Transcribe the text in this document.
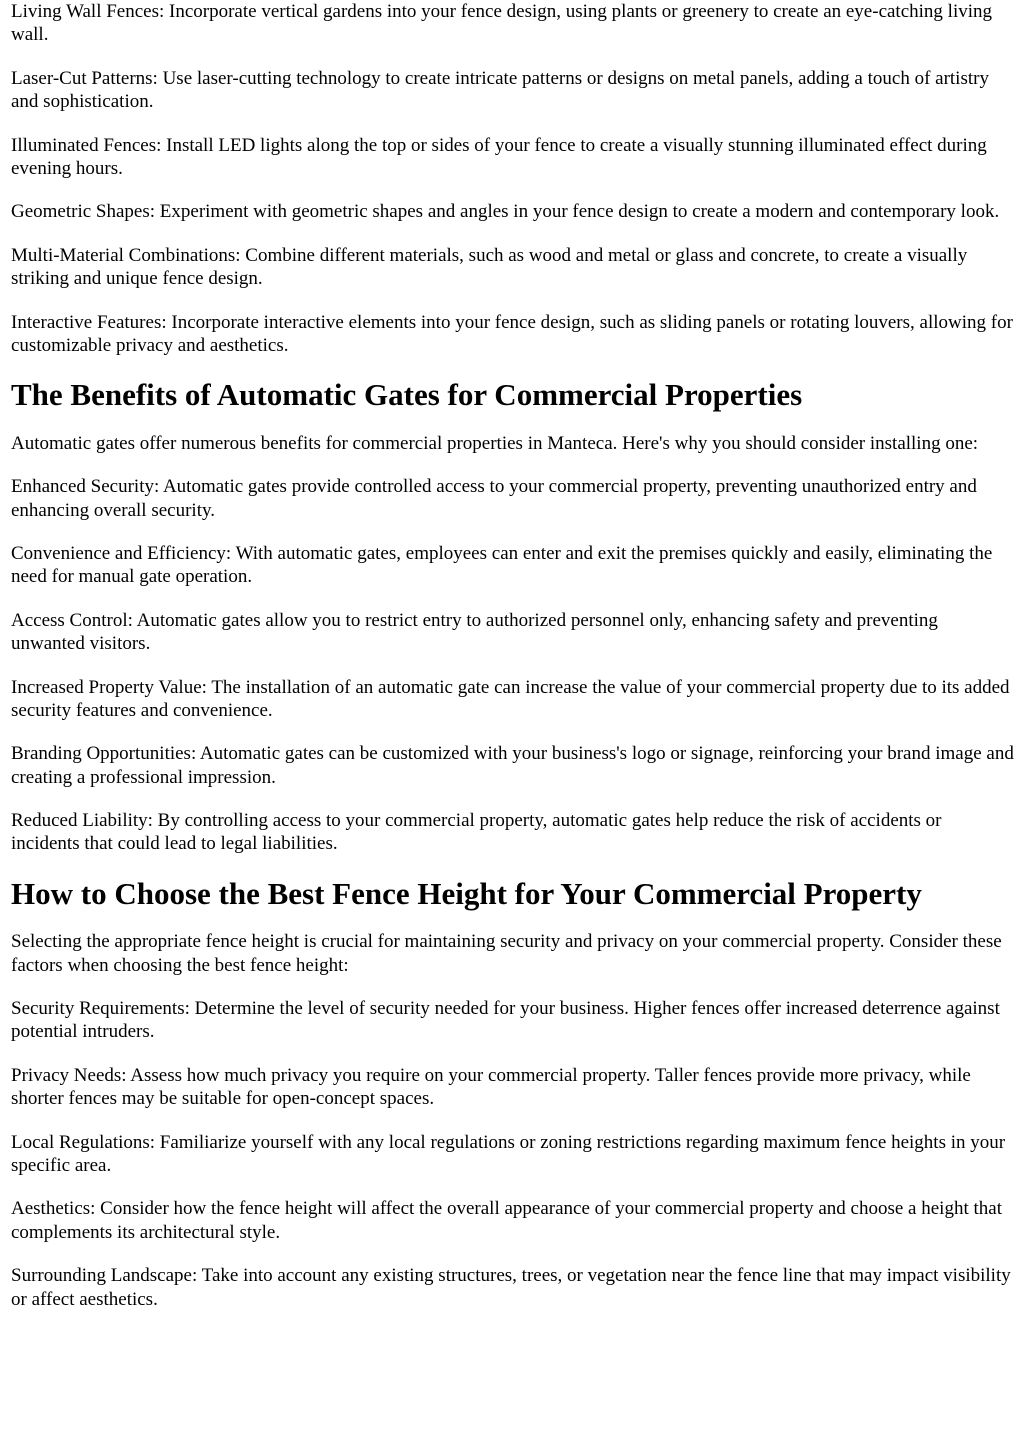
Living Wall Fences: Incorporate vertical gardens into your fence design, using plants or greenery to create an eye-catching living wall.

Laser-Cut Patterns: Use laser-cutting technology to create intricate patterns or designs on metal panels, adding a touch of artistry and sophistication.

Illuminated Fences: Install LED lights along the top or sides of your fence to create a visually stunning illuminated effect during evening hours.

Geometric Shapes: Experiment with geometric shapes and angles in your fence design to create a modern and contemporary look.

Multi-Material Combinations: Combine different materials, such as wood and metal or glass and concrete, to create a visually striking and unique fence design.

Interactive Features: Incorporate interactive elements into your fence design, such as sliding panels or rotating louvers, allowing for customizable privacy and aesthetics.

The Benefits of Automatic Gates for Commercial Properties

Automatic gates offer numerous benefits for commercial properties in Manteca. Here's why you should consider installing one:

Enhanced Security: Automatic gates provide controlled access to your commercial property, preventing unauthorized entry and enhancing overall security.

Convenience and Efficiency: With automatic gates, employees can enter and exit the premises quickly and easily, eliminating the need for manual gate operation.

Access Control: Automatic gates allow you to restrict entry to authorized personnel only, enhancing safety and preventing unwanted visitors.

Increased Property Value: The installation of an automatic gate can increase the value of your commercial property due to its added security features and convenience.

Branding Opportunities: Automatic gates can be customized with your business's logo or signage, reinforcing your brand image and creating a professional impression.

Reduced Liability: By controlling access to your commercial property, automatic gates help reduce the risk of accidents or incidents that could lead to legal liabilities.

How to Choose the Best Fence Height for Your Commercial Property

Selecting the appropriate fence height is crucial for maintaining security and privacy on your commercial property. Consider these factors when choosing the best fence height:

Security Requirements: Determine the level of security needed for your business. Higher fences offer increased deterrence against potential intruders.

Privacy Needs: Assess how much privacy you require on your commercial property. Taller fences provide more privacy, while shorter fences may be suitable for open-concept spaces.

Local Regulations: Familiarize yourself with any local regulations or zoning restrictions regarding maximum fence heights in your specific area.

Aesthetics: Consider how the fence height will affect the overall appearance of your commercial property and choose a height that complements its architectural style.

Surrounding Landscape: Take into account any existing structures, trees, or vegetation near the fence line that may impact visibility or affect aesthetics.
